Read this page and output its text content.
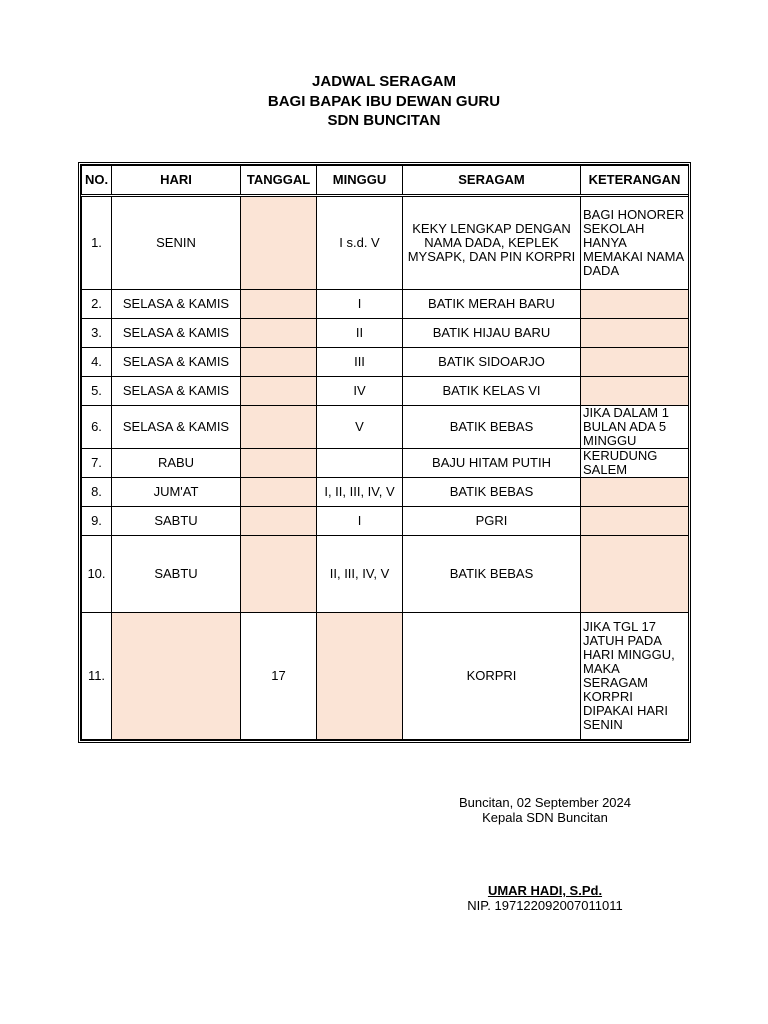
JADWAL SERAGAM
BAGI BAPAK IBU DEWAN GURU
SDN BUNCITAN
NO.	HARI	TANGGAL	MINGGU	SERAGAM	KETERANGAN
1.	SENIN		I s.d. V	KEKY LENGKAP DENGAN NAMA DADA, KEPLEK MYSAPK, DAN PIN KORPRI	BAGI HONORER SEKOLAH HANYA MEMAKAI NAMA DADA
2.	SELASA & KAMIS		I	BATIK MERAH BARU	
3.	SELASA & KAMIS		II	BATIK HIJAU BARU	
4.	SELASA & KAMIS		III	BATIK SIDOARJO	
5.	SELASA & KAMIS		IV	BATIK KELAS VI	
6.	SELASA & KAMIS		V	BATIK BEBAS	JIKA DALAM 1 BULAN ADA 5 MINGGU
7.	RABU			BAJU HITAM PUTIH	KERUDUNG SALEM
8.	JUM'AT		I, II, III, IV, V	BATIK BEBAS	
9.	SABTU		I	PGRI	
10.	SABTU		II, III, IV, V	BATIK BEBAS	
11.		17		KORPRI	JIKA TGL 17 JATUH PADA HARI MINGGU, MAKA SERAGAM KORPRI DIPAKAI HARI SENIN
Buncitan, 02 September 2024
Kepala SDN Buncitan
UMAR HADI, S.Pd.
NIP. 197122092007011011
